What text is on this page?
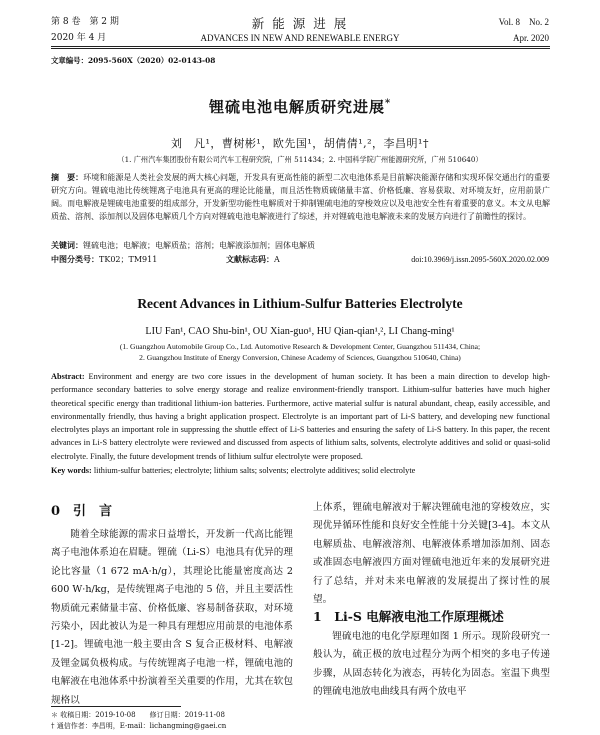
第 8 卷　第 2 期
2020 年 4 月
新 能 源 进 展
ADVANCES IN NEW AND RENEWABLE ENERGY
Vol. 8　No. 2
Apr. 2020
文章编号：2095-560X（2020）02-0143-08
锂硫电池电解质研究进展*
刘　凡¹，曹树彬¹，欧先国¹，胡倩倩¹,²，李昌明¹†
（1. 广州汽车集团股份有限公司汽车工程研究院，广州 511434；2. 中国科学院广州能源研究所，广州 510640）
摘　要：环境和能源是人类社会发展的两大核心问题，开发具有更高性能的新型二次电池体系是目前解决能源存储和实现环保交通出行的重要研究方向。锂硫电池比传统锂离子电池具有更高的理论比能量，而且活性物质硫储量丰富、价格低廉、容易获取、对环境友好，应用前景广阔。而电解液是锂硫电池重要的组成部分，开发新型功能性电解质对于抑制锂硫电池的穿梭效应以及电池安全性有着重要的意义。本文从电解质盐、溶剂、添加剂以及固体电解质几个方向对锂硫电池电解液进行了综述，并对锂硫电池电解液未来的发展方向进行了前瞻性的探讨。
关键词：锂硫电池；电解液；电解质盐；溶剂；电解液添加剂；固体电解质
中图分类号：TK02；TM911	文献标志码：A	doi:10.3969/j.issn.2095-560X.2020.02.009
Recent Advances in Lithium-Sulfur Batteries Electrolyte
LIU Fan¹, CAO Shu-bin¹, OU Xian-guo¹, HU Qian-qian¹,², LI Chang-ming¹
(1. Guangzhou Automobile Group Co., Ltd. Automotive Research & Development Center, Guangzhou 511434, China;
2. Guangzhou Institute of Energy Conversion, Chinese Academy of Sciences, Guangzhou 510640, China)
Abstract: Environment and energy are two core issues in the development of human society. It has been a main direction to develop high-performance secondary batteries to solve energy storage and realize environment-friendly transport. Lithium-sulfur batteries have much higher theoretical specific energy than traditional lithium-ion batteries. Furthermore, active material sulfur is natural abundant, cheap, easily accessible, and environmentally friendly, thus having a bright application prospect. Electrolyte is an important part of Li-S battery, and developing new functional electrolytes plays an important role in suppressing the shuttle effect of Li-S batteries and ensuring the safety of Li-S battery. In this paper, the recent advances in Li-S battery electrolyte were reviewed and discussed from aspects of lithium salts, solvents, electrolyte additives and solid or quasi-solid electrolyte. Finally, the future development trends of lithium sulfur electrolyte were proposed.
Key words: lithium-sulfur batteries; electrolyte; lithium salts; solvents; electrolyte additives; solid electrolyte
0　引　言
随着全球能源的需求日益增长，开发新一代高比能锂离子电池体系迫在眉睫。锂硫（Li-S）电池具有优异的理论比容量（1 672 mA·h/g），其理论比能量密度高达 2 600 W·h/kg，是传统锂离子电池的 5 倍，并且主要活性物质硫元素储量丰富、价格低廉、容易制备获取，对环境污染小，因此被认为是一种具有理想应用前景的电池体系[1-2]。锂硫电池一般主要由含 S 复合正极材料、电解液及锂金属负极构成。与传统锂离子电池一样，锂硫电池的电解液在电池体系中扮演着至关重要的作用，尤其在软包规格以
上体系，锂硫电解液对于解决锂硫电池的穿梭效应，实现优异循环性能和良好安全性能十分关键[3-4]。本文从电解质盐、电解液溶剂、电解液体系增加添加剂、固态或准固态电解液四方面对锂硫电池近年来的发展研究进行了总结，并对未来电解液的发展提出了探讨性的展望。
1　Li-S 电解液电池工作原理概述
锂硫电池的电化学原理如图 1 所示。现阶段研究一般认为，硫正极的放电过程分为两个相突的多电子传递步骤，从固态转化为液态，再转化为固态。室温下典型的锂硫电池放电曲线具有两个放电平
＊ 收稿日期：2019-10-08　　 修订日期：2019-11-08
† 通信作者：李昌明，E-mail：lichangming@gaei.cn
